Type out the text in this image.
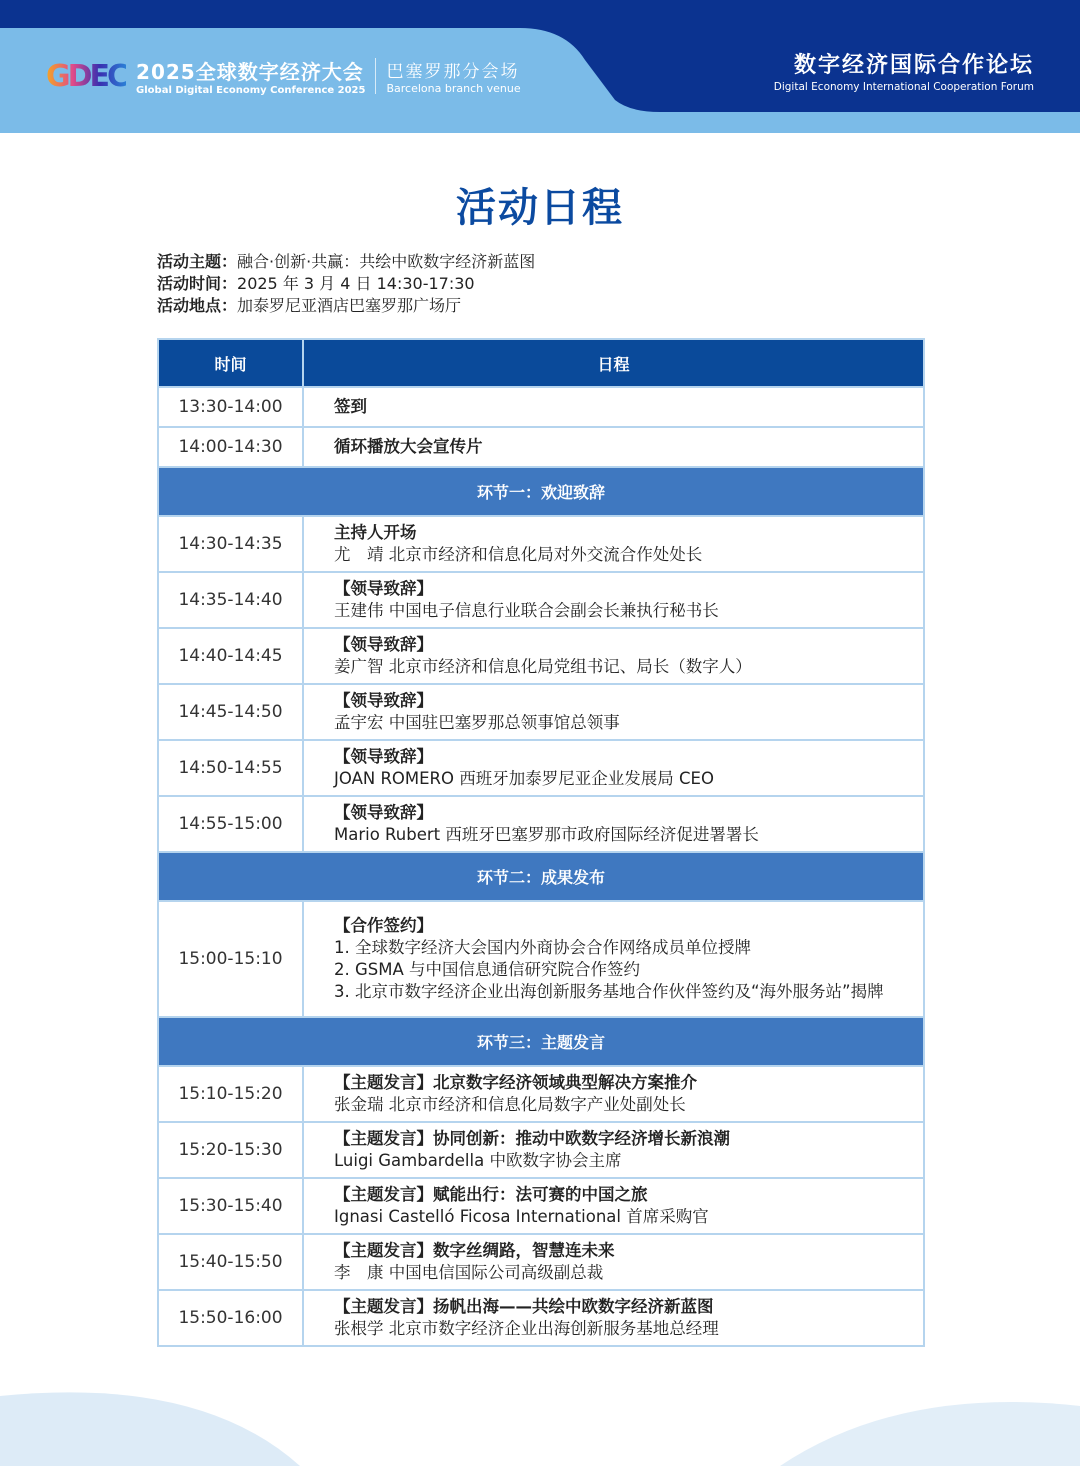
GDEC 2025全球数字经济大会
Global Digital Economy Conference 2025
巴塞罗那分会场
Barcelona branch venue
数字经济国际合作论坛
Digital Economy International Cooperation Forum
活动日程
活动主题：融合·创新·共赢：共绘中欧数字经济新蓝图
活动时间：2025 年 3 月 4 日 14:30-17:30
活动地点：加泰罗尼亚酒店巴塞罗那广场厅
时间	日程
13:30-14:00	签到

14:00-14:30	循环播放大会宣传片

环节一：欢迎致辞	
14:30-14:35	主持人开场
尤　靖 北京市经济和信息化局对外交流合作处处长

14:35-14:40	【领导致辞】
王建伟 中国电子信息行业联合会副会长兼执行秘书长

14:40-14:45	【领导致辞】
姜广智 北京市经济和信息化局党组书记、局长（数字人）

14:45-14:50	【领导致辞】
孟宇宏 中国驻巴塞罗那总领事馆总领事

14:50-14:55	【领导致辞】
JOAN ROMERO 西班牙加泰罗尼亚企业发展局 CEO

14:55-15:00	【领导致辞】
Mario Rubert 西班牙巴塞罗那市政府国际经济促进署署长

环节二：成果发布	
15:00-15:10	【合作签约】
1. 全球数字经济大会国内外商协会合作网络成员单位授牌
2. GSMA 与中国信息通信研究院合作签约
3. 北京市数字经济企业出海创新服务基地合作伙伴签约及“海外服务站”揭牌

环节三：主题发言	
15:10-15:20	【主题发言】北京数字经济领域典型解决方案推介
张金瑞 北京市经济和信息化局数字产业处副处长

15:20-15:30	【主题发言】协同创新：推动中欧数字经济增长新浪潮
Luigi Gambardella 中欧数字协会主席

15:30-15:40	【主题发言】赋能出行：法可赛的中国之旅
Ignasi Castelló Ficosa International 首席采购官

15:40-15:50	【主题发言】数字丝绸路，智慧连未来
李　康 中国电信国际公司高级副总裁

15:50-16:00	【主题发言】扬帆出海——共绘中欧数字经济新蓝图
张根学 北京市数字经济企业出海创新服务基地总经理
